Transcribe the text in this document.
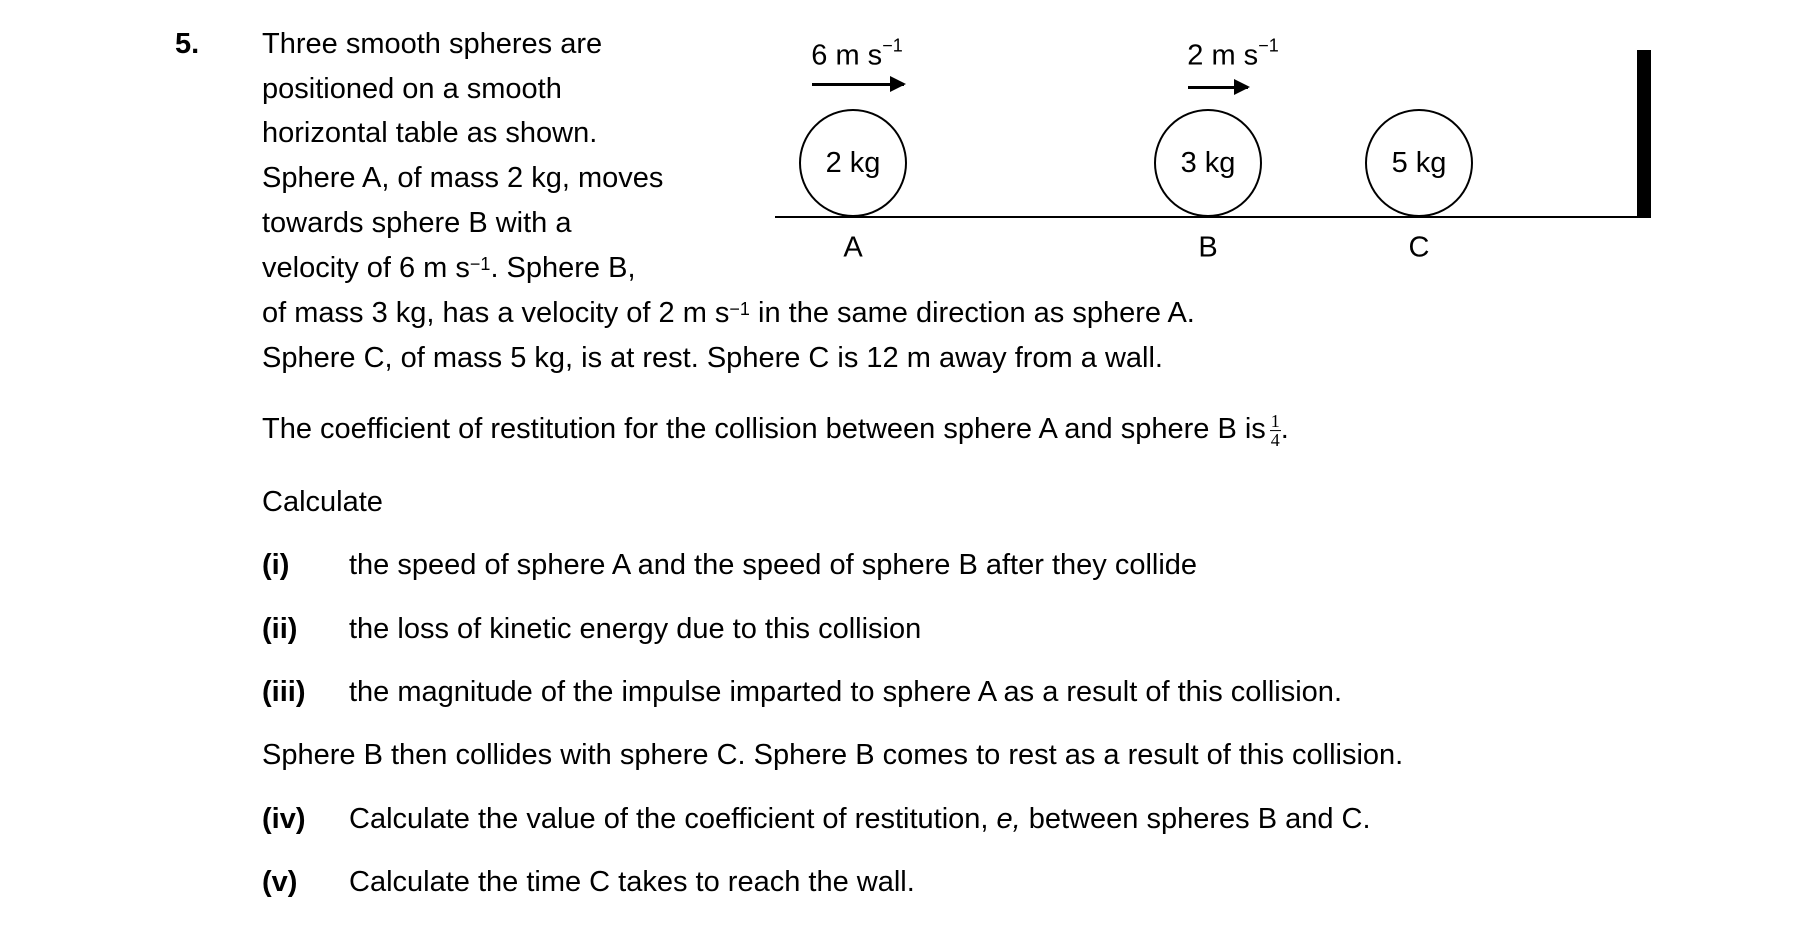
5. Three smooth spheres are
positioned on a smooth
horizontal table as shown.
Sphere A, of mass 2 kg, moves
towards sphere B with a
velocity of 6 m $s^{-1}$. Sphere B,
of mass 3 kg, has a velocity of 2 m $s^{-1}$ in the same direction as sphere A.
Sphere C, of mass 5 kg, is at rest. Sphere C is 12 m away from a wall.
The coefficient of restitution for the collision between sphere A and sphere B is $\frac{1}{4}$ .
Calculate
(i) the speed of sphere A and the speed of sphere B after they collide
(ii) the loss of kinetic energy due to this collision
(iii) the magnitude of the impulse imparted to sphere A as a result of this collision.
Sphere B then collides with sphere C. Sphere B comes to rest as a result of this collision.
(iv) Calculate the value of the coefficient of restitution, e, between spheres B and C.
(v) Calculate the time C takes to reach the wall.
6 m $s^{-1}$	2 m $s^{-1}$
2 kg	3 kg	5 kg
A	B	C
